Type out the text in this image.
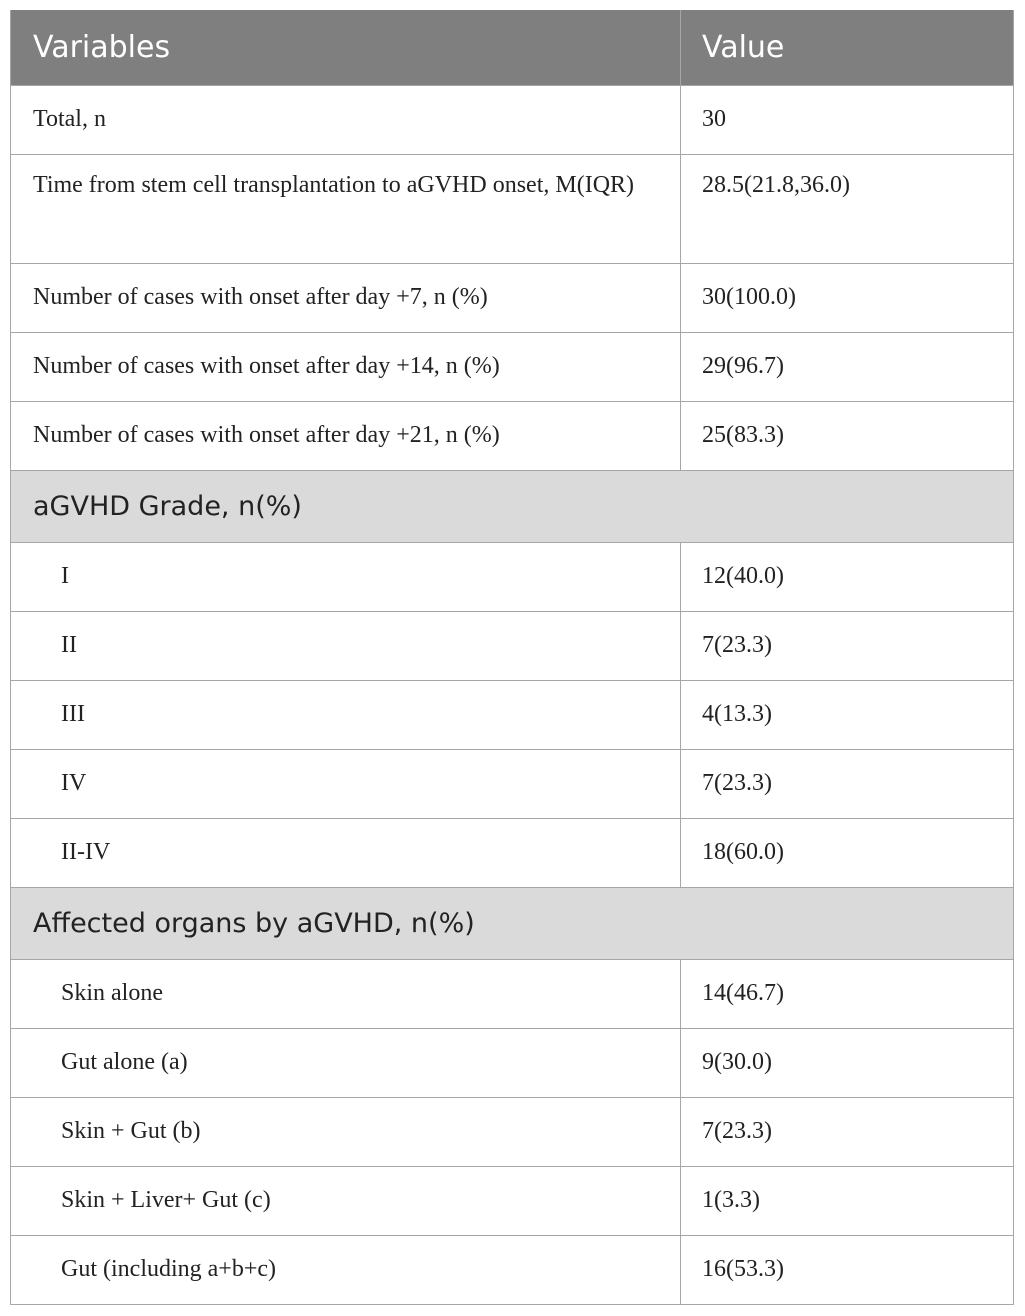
Variables	Value
Total, n	30
Time from stem cell transplantation to aGVHD onset, M(IQR)	28.5(21.8,36.0)
Number of cases with onset after day +7, n (%)	30(100.0)
Number of cases with onset after day +14, n (%)	29(96.7)
Number of cases with onset after day +21, n (%)	25(83.3)
aGVHD Grade, n(%)	
I	12(40.0)
II	7(23.3)
III	4(13.3)
IV	7(23.3)
II-IV	18(60.0)
Affected organs by aGVHD, n(%)	
Skin alone	14(46.7)
Gut alone (a)	9(30.0)
Skin + Gut (b)	7(23.3)
Skin + Liver+ Gut (c)	1(3.3)
Gut (including a+b+c)	16(53.3)
